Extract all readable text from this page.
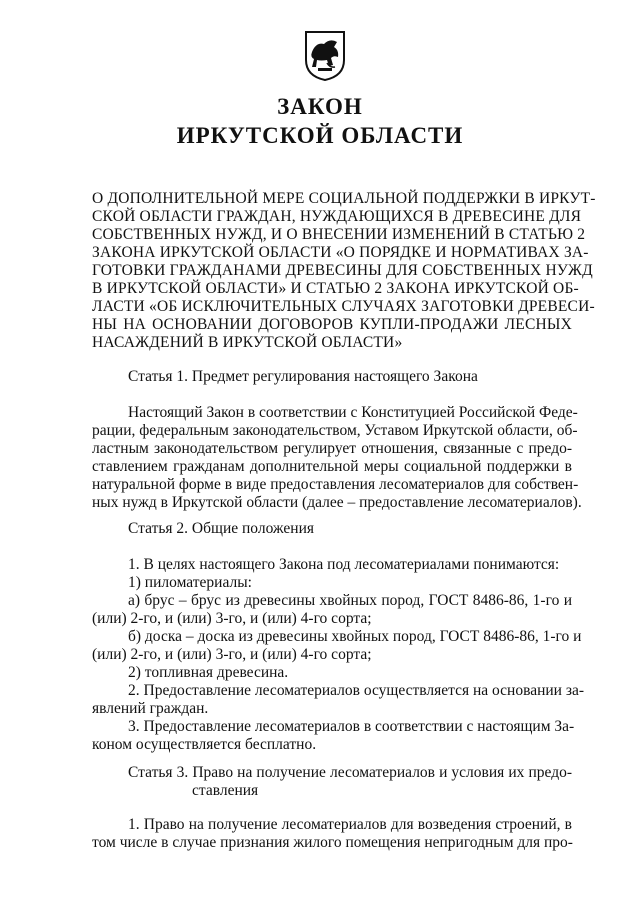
ЗАКОН
ИРКУТСКОЙ ОБЛАСТИ
О ДОПОЛНИТЕЛЬНОЙ МЕРЕ СОЦИАЛЬНОЙ ПОДДЕРЖКИ В ИРКУТ-
СКОЙ ОБЛАСТИ ГРАЖДАН, НУЖДАЮЩИХСЯ В ДРЕВЕСИНЕ ДЛЯ
СОБСТВЕННЫХ НУЖД, И О ВНЕСЕНИИ ИЗМЕНЕНИЙ В СТАТЬЮ 2
ЗАКОНА ИРКУТСКОЙ ОБЛАСТИ «О ПОРЯДКЕ И НОРМАТИВАХ ЗА-
ГОТОВКИ ГРАЖДАНАМИ ДРЕВЕСИНЫ ДЛЯ СОБСТВЕННЫХ НУЖД
В ИРКУТСКОЙ ОБЛАСТИ» И СТАТЬЮ 2 ЗАКОНА ИРКУТСКОЙ ОБ-
ЛАСТИ «ОБ ИСКЛЮЧИТЕЛЬНЫХ СЛУЧАЯХ ЗАГОТОВКИ ДРЕВЕСИ-
НЫ НА ОСНОВАНИИ ДОГОВОРОВ КУПЛИ-ПРОДАЖИ ЛЕСНЫХ
НАСАЖДЕНИЙ В ИРКУТСКОЙ ОБЛАСТИ»
Статья 1. Предмет регулирования настоящего Закона
Настоящий Закон в соответствии с Конституцией Российской Феде-
рации, федеральным законодательством, Уставом Иркутской области, об-
ластным законодательством регулирует отношения, связанные с предо-
ставлением гражданам дополнительной меры социальной поддержки в
натуральной форме в виде предоставления лесоматериалов для собствен-
ных нужд в Иркутской области (далее – предоставление лесоматериалов).
Статья 2. Общие положения
1. В целях настоящего Закона под лесоматериалами понимаются:
1) пиломатериалы:
а) брус – брус из древесины хвойных пород, ГОСТ 8486-86, 1-го и
(или) 2-го, и (или) 3-го, и (или) 4-го сорта;
б) доска – доска из древесины хвойных пород, ГОСТ 8486-86, 1-го и
(или) 2-го, и (или) 3-го, и (или) 4-го сорта;
2) топливная древесина.
2. Предоставление лесоматериалов осуществляется на основании за-
явлений граждан.
3. Предоставление лесоматериалов в соответствии с настоящим За-
коном осуществляется бесплатно.
Статья 3. Право на получение лесоматериалов и условия их предо-
ставления
1. Право на получение лесоматериалов для возведения строений, в
том числе в случае признания жилого помещения непригодным для про-
